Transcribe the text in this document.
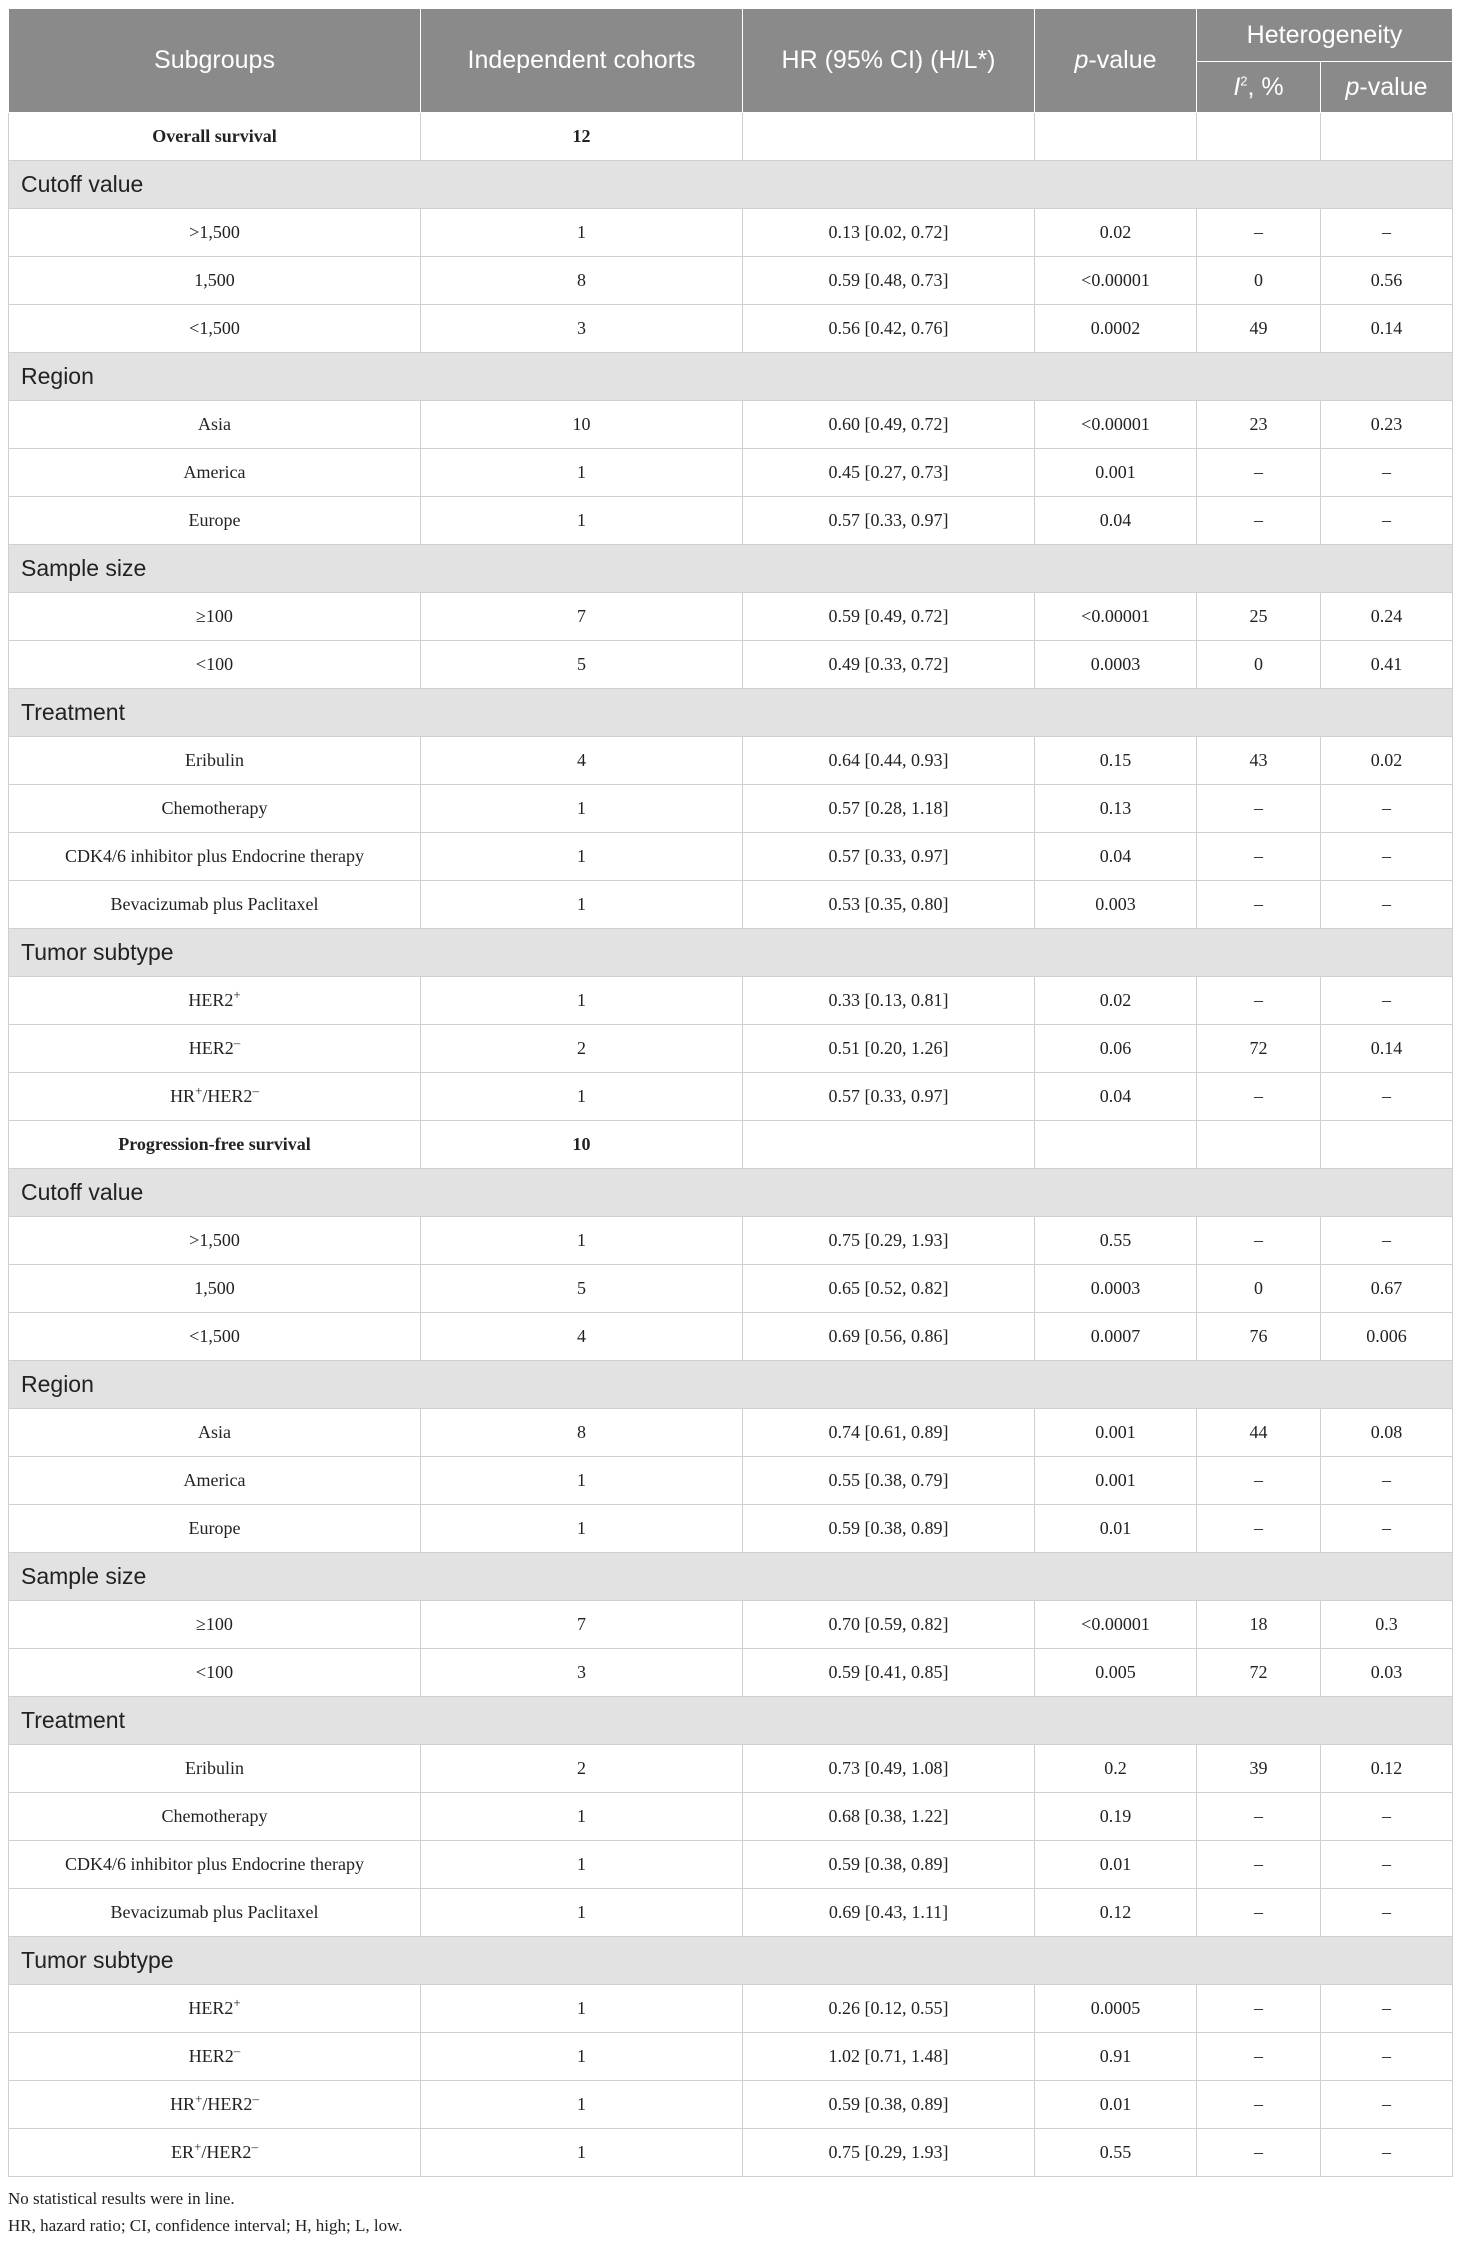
Subgroups	Independent cohorts	HR (95% CI) (H/L*)	p-value	Heterogeneity	
				$I^2$, %	p-value
Overall survival	12				
Cutoff value					
>1,500	1	0.13 [0.02, 0.72]	0.02	–	–
1,500	8	0.59 [0.48, 0.73]	<0.00001	0	0.56
<1,500	3	0.56 [0.42, 0.76]	0.0002	49	0.14
Region					
Asia	10	0.60 [0.49, 0.72]	<0.00001	23	0.23
America	1	0.45 [0.27, 0.73]	0.001	–	–
Europe	1	0.57 [0.33, 0.97]	0.04	–	–
Sample size					
≥100	7	0.59 [0.49, 0.72]	<0.00001	25	0.24
<100	5	0.49 [0.33, 0.72]	0.0003	0	0.41
Treatment					
Eribulin	4	0.64 [0.44, 0.93]	0.15	43	0.02
Chemotherapy	1	0.57 [0.28, 1.18]	0.13	–	–
CDK4/6 inhibitor plus Endocrine therapy	1	0.57 [0.33, 0.97]	0.04	–	–
Bevacizumab plus Paclitaxel	1	0.53 [0.35, 0.80]	0.003	–	–
Tumor subtype					
HER2+	1	0.33 [0.13, 0.81]	0.02	–	–
HER2–	2	0.51 [0.20, 1.26]	0.06	72	0.14
HR+/HER2–	1	0.57 [0.33, 0.97]	0.04	–	–
Progression-free survival	10				
Cutoff value					
>1,500	1	0.75 [0.29, 1.93]	0.55	–	–
1,500	5	0.65 [0.52, 0.82]	0.0003	0	0.67
<1,500	4	0.69 [0.56, 0.86]	0.0007	76	0.006
Region					
Asia	8	0.74 [0.61, 0.89]	0.001	44	0.08
America	1	0.55 [0.38, 0.79]	0.001	–	–
Europe	1	0.59 [0.38, 0.89]	0.01	–	–
Sample size					
≥100	7	0.70 [0.59, 0.82]	<0.00001	18	0.3
<100	3	0.59 [0.41, 0.85]	0.005	72	0.03
Treatment					
Eribulin	2	0.73 [0.49, 1.08]	0.2	39	0.12
Chemotherapy	1	0.68 [0.38, 1.22]	0.19	–	–
CDK4/6 inhibitor plus Endocrine therapy	1	0.59 [0.38, 0.89]	0.01	–	–
Bevacizumab plus Paclitaxel	1	0.69 [0.43, 1.11]	0.12	–	–
Tumor subtype					
HER2+	1	0.26 [0.12, 0.55]	0.0005	–	–
HER2–	1	1.02 [0.71, 1.48]	0.91	–	–
HR+/HER2–	1	0.59 [0.38, 0.89]	0.01	–	–
ER+/HER2–	1	0.75 [0.29, 1.93]	0.55	–	–
No statistical results were in line.
HR, hazard ratio; CI, confidence interval; H, high; L, low.
